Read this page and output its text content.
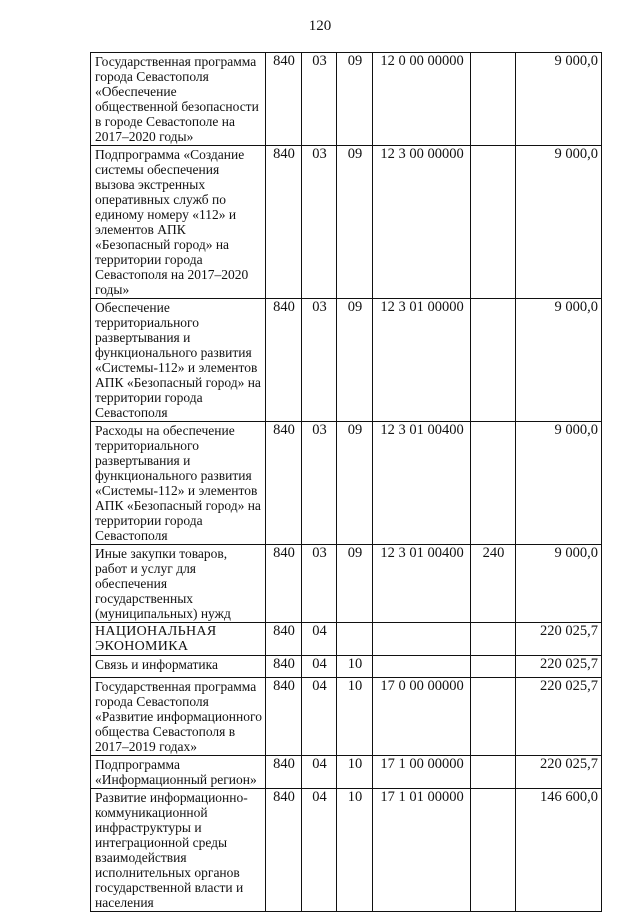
120
Государственная программа города Севастополя «Обеспечение общественной безопасности в городе Севастополе на 2017–2020 годы»	840	03	09	12 0 00 00000		9 000,0
Подпрограмма «Создание системы обеспечения вызова экстренных оперативных служб по единому номеру «112» и элементов АПК «Безопасный город» на территории города Севастополя на 2017–2020 годы»	840	03	09	12 3 00 00000		9 000,0
Обеспечение территориального развертывания и функционального развития «Системы-112» и элементов АПК «Безопасный город» на территории города Севастополя	840	03	09	12 3 01 00000		9 000,0
Расходы на обеспечение территориального развертывания и функционального развития «Системы-112» и элементов АПК «Безопасный город» на территории города Севастополя	840	03	09	12 3 01 00400		9 000,0
Иные закупки товаров, работ и услуг для обеспечения государственных (муниципальных) нужд	840	03	09	12 3 01 00400	240	9 000,0
НАЦИОНАЛЬНАЯ ЭКОНОМИКА	840	04				220 025,7
Связь и информатика	840	04	10			220 025,7
Государственная программа города Севастополя «Развитие информационного общества Севастополя в 2017–2019 годах»	840	04	10	17 0 00 00000		220 025,7
Подпрограмма «Информационный регион»	840	04	10	17 1 00 00000		220 025,7
Развитие информационно-коммуникационной инфраструктуры и интеграционной среды взаимодействия исполнительных органов государственной власти и населения	840	04	10	17 1 01 00000		146 600,0
